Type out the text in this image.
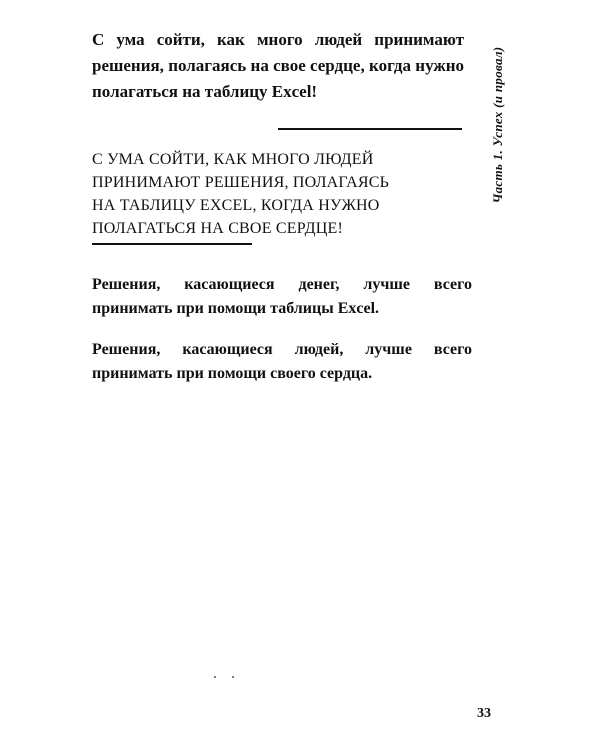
С ума сойти, как много людей принимают решения, полагаясь на свое сердце, когда нужно полагаться на таблицу Excel!

С УМА СОЙТИ, КАК МНОГО ЛЮДЕЙ
ПРИНИМАЮТ РЕШЕНИЯ, ПОЛАГАЯСЬ
НА ТАБЛИЦУ EXCEL, КОГДА НУЖНО
ПОЛАГАТЬСЯ НА СВОЕ СЕРДЦЕ!

Решения, касающиеся денег, лучше всего принимать при помощи таблицы Excel.

Решения, касающиеся людей, лучше всего принимать при помощи своего сердца.

Часть 1. Успех (и провал)
33
